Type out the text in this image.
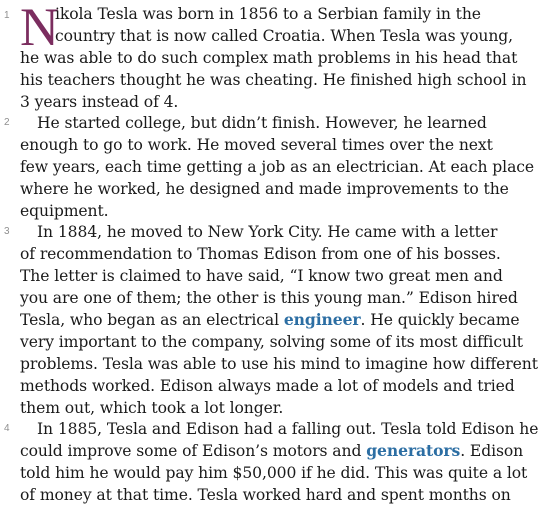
1 N
ikola Tesla was born in 1856 to a Serbian family in the
country that is now called Croatia. When Tesla was young,
he was able to do such complex math problems in his head that
his teachers thought he was cheating. He finished high school in
3 years instead of 4.
2 He started college, but didn’t finish. However, he learned
enough to go to work. He moved several times over the next
few years, each time getting a job as an electrician. At each place
where he worked, he designed and made improvements to the
equipment.
3 In 1884, he moved to New York City. He came with a letter
of recommendation to Thomas Edison from one of his bosses.
The letter is claimed to have said, “I know two great men and
you are one of them; the other is this young man.” Edison hired
Tesla, who began as an electrical engineer. He quickly became
very important to the company, solving some of its most difficult
problems. Tesla was able to use his mind to imagine how different
methods worked. Edison always made a lot of models and tried
them out, which took a lot longer.
4 In 1885, Tesla and Edison had a falling out. Tesla told Edison he
could improve some of Edison’s motors and generators. Edison
told him he would pay him $50,000 if he did. This was quite a lot
of money at that time. Tesla worked hard and spent months on
